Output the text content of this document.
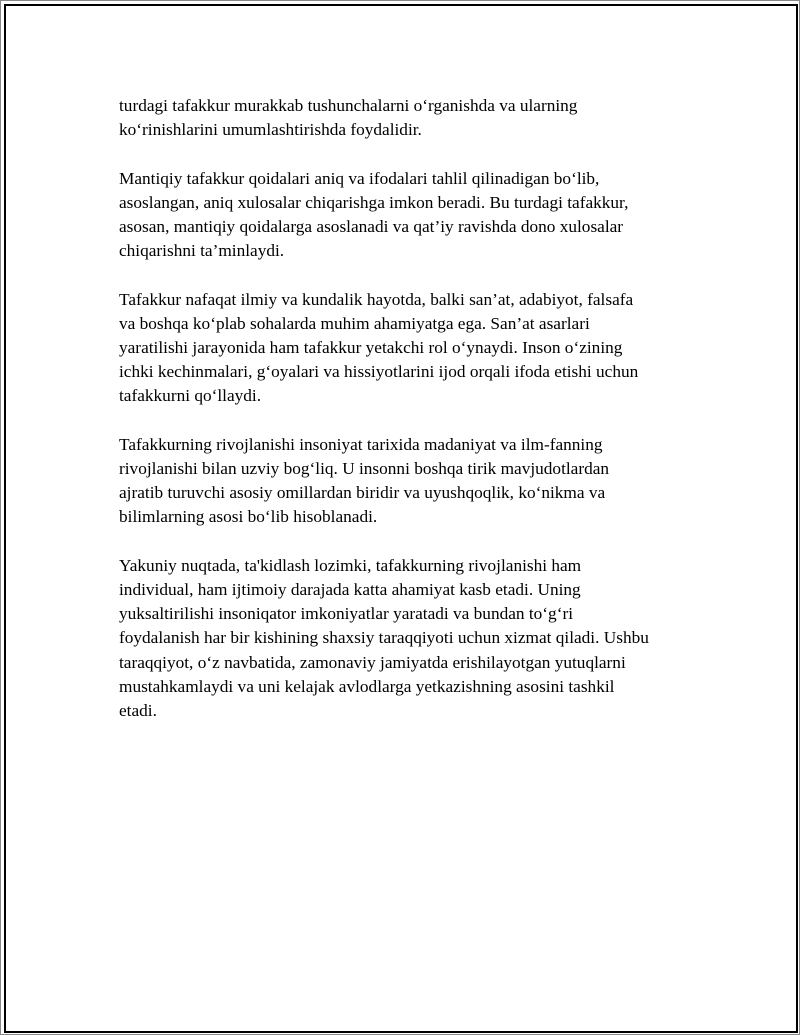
turdagi tafakkur murakkab tushunchalarni o‘rganishda va ularning
ko‘rinishlarini umumlashtirishda foydalidir.

Mantiqiy tafakkur qoidalari aniq va ifodalari tahlil qilinadigan bo‘lib,
asoslangan, aniq xulosalar chiqarishga imkon beradi. Bu turdagi tafakkur,
asosan, mantiqiy qoidalarga asoslanadi va qat’iy ravishda dono xulosalar
chiqarishni ta’minlaydi.

Tafakkur nafaqat ilmiy va kundalik hayotda, balki san’at, adabiyot, falsafa
va boshqa ko‘plab sohalarda muhim ahamiyatga ega. San’at asarlari
yaratilishi jarayonida ham tafakkur yetakchi rol o‘ynaydi. Inson o‘zining
ichki kechinmalari, g‘oyalari va hissiyotlarini ijod orqali ifoda etishi uchun
tafakkurni qo‘llaydi.

Tafakkurning rivojlanishi insoniyat tarixida madaniyat va ilm-fanning
rivojlanishi bilan uzviy bog‘liq. U insonni boshqa tirik mavjudotlardan
ajratib turuvchi asosiy omillardan biridir va uyushqoqlik, ko‘nikma va
bilimlarning asosi bo‘lib hisoblanadi.

Yakuniy nuqtada, ta'kidlash lozimki, tafakkurning rivojlanishi ham
individual, ham ijtimoiy darajada katta ahamiyat kasb etadi. Uning
yuksaltirilishi insoniqator imkoniyatlar yaratadi va bundan to‘g‘ri
foydalanish har bir kishining shaxsiy taraqqiyoti uchun xizmat qiladi. Ushbu
taraqqiyot, o‘z navbatida, zamonaviy jamiyatda erishilayotgan yutuqlarni
mustahkamlaydi va uni kelajak avlodlarga yetkazishning asosini tashkil
etadi.
